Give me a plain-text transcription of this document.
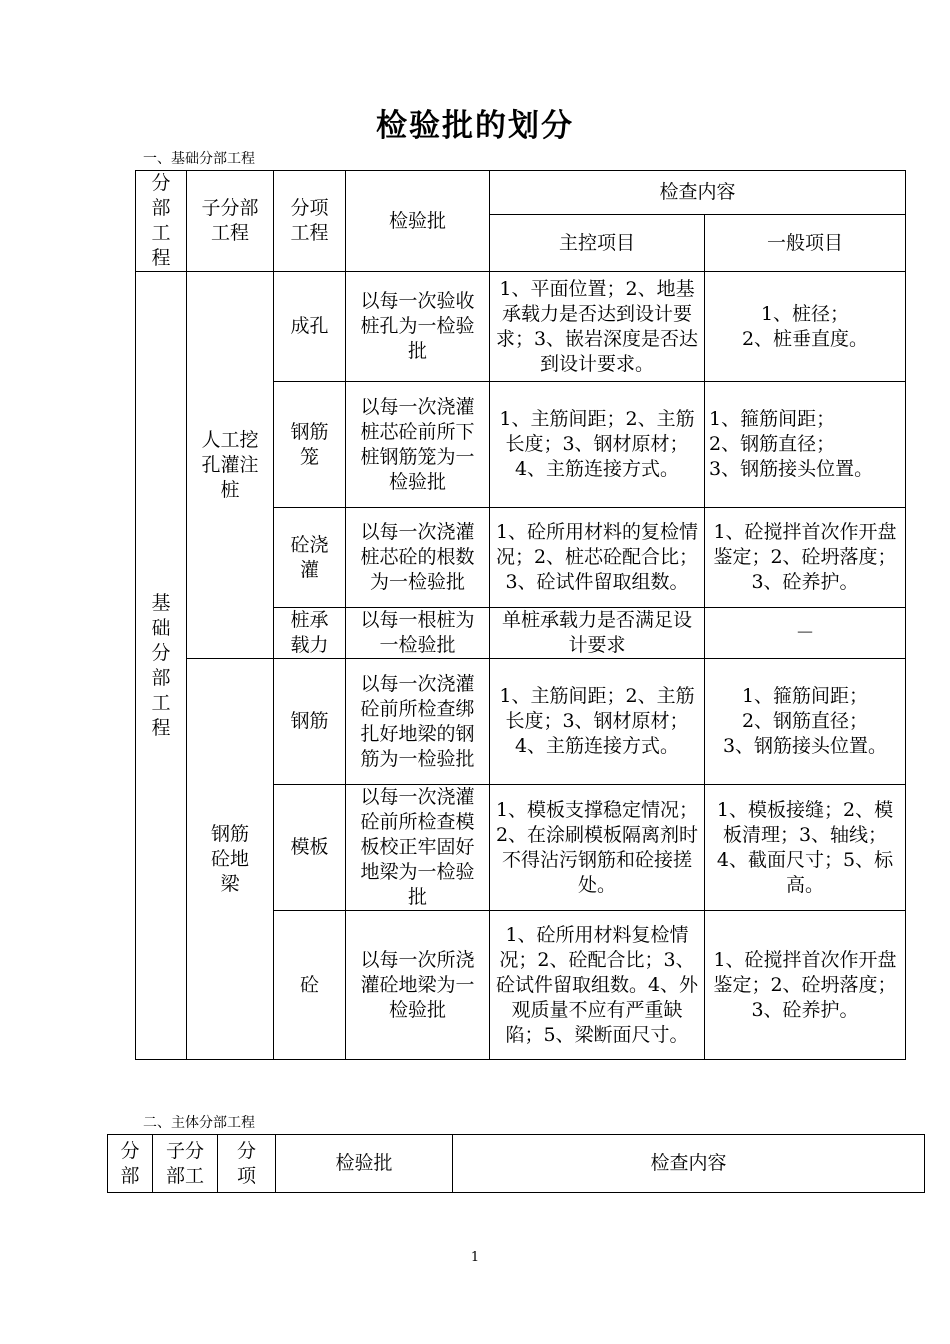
检验批的划分
一、基础分部工程
分部工程	子分部工程	分项工程	检验批	检查内容	
				主控项目	一般项目
基础分部工程	人工挖孔灌注桩	成孔	以每一次验收桩孔为一检验批	1、平面位置；2、地基承载力是否达到设计要求；3、嵌岩深度是否达到设计要求。	1、桩径；
2、桩垂直度。
		钢筋笼	以每一次浇灌桩芯砼前所下桩钢筋笼为一检验批	1、主筋间距；2、主筋长度；3、钢材原材；4、主筋连接方式。	1、箍筋间距；
2、钢筋直径；
3、钢筋接头位置。
		砼浇灌	以每一次浇灌桩芯砼的根数为一检验批	1、砼所用材料的复检情况；2、桩芯砼配合比；3、砼试件留取组数。	1、砼搅拌首次作开盘鉴定；2、砼坍落度；3、砼养护。
		桩承载力	以每一根桩为一检验批	单桩承载力是否满足设计要求	－
	钢筋砼地梁	钢筋	以每一次浇灌砼前所检查绑扎好地梁的钢筋为一检验批	1、主筋间距；2、主筋长度；3、钢材原材；4、主筋连接方式。	1、箍筋间距；
2、钢筋直径；
3、钢筋接头位置。
		模板	以每一次浇灌砼前所检查模板校正牢固好地梁为一检验批	1、模板支撑稳定情况；2、在涂刷模板隔离剂时不得沾污钢筋和砼接搓处。	1、模板接缝；2、模板清理；3、轴线；4、截面尺寸；5、标高。
		砼	以每一次所浇灌砼地梁为一检验批	1、砼所用材料复检情况；2、砼配合比；3、砼试件留取组数。4、外观质量不应有严重缺陷；5、梁断面尺寸。	1、砼搅拌首次作开盘鉴定；2、砼坍落度；3、砼养护。
二、主体分部工程
分部	子分部工	分项	检验批	检查内容
1
